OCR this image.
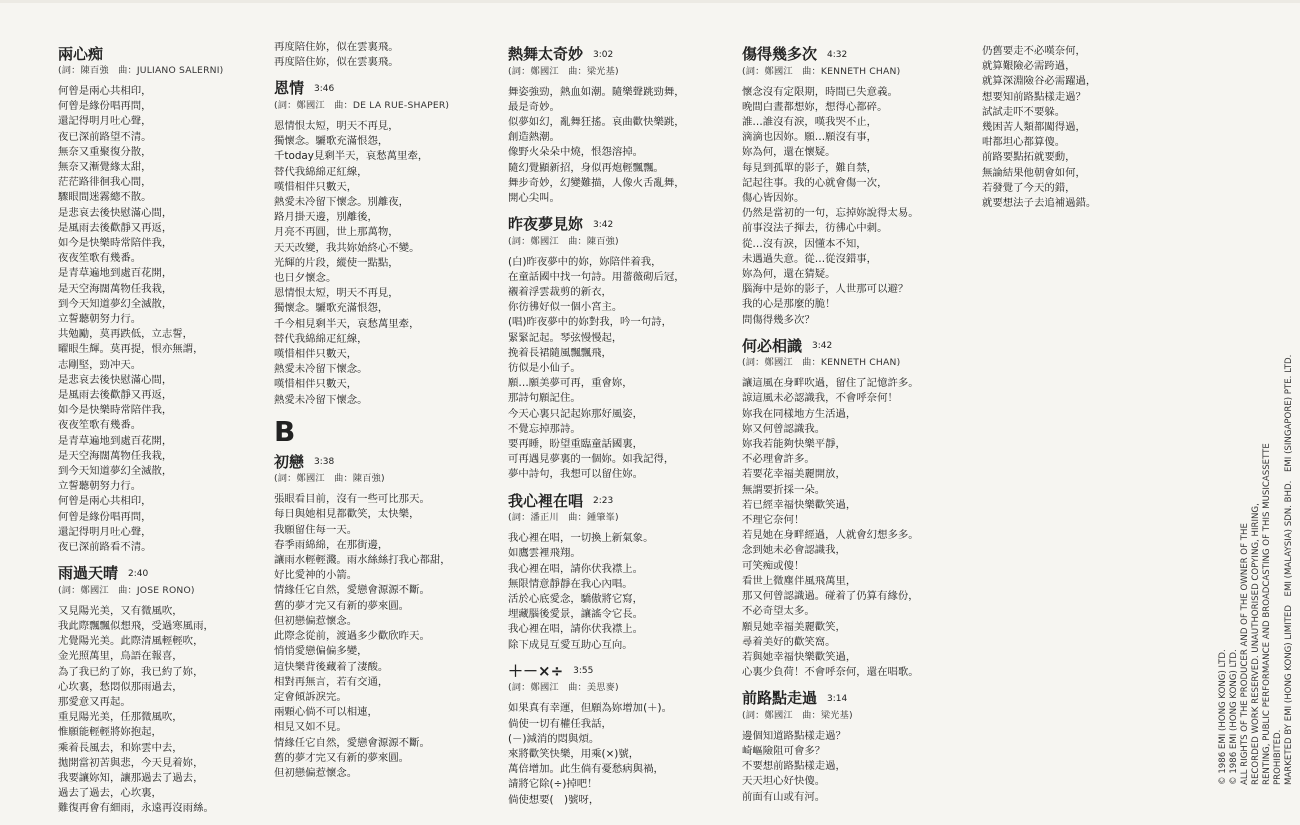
兩心痴
(詞：陳百強　曲：JULIANO SALERNI)
何曾是兩心共相印，
何曾是緣份唱再問，
還記得明月吐心聲，
夜已深前路望不清。
無奈又重聚復分散，
無奈又漸覺緣太甜，
茫茫路徘徊我心間，
驟眼間迷霧總不散。
是悲哀去後快慰滿心間，
是風雨去後歡靜又再返，
如今是快樂時常陪伴我，
夜夜笙歌有幾番。
是青草遍地到處百花開，
是天空海闊萬物任我栽，
到今天知道夢幻全滅散，
立誓聽朝努力行。
共勉勵，莫再跌低，立志誓，
曜眼生輝。莫再提，恨亦無謂，
志剛堅，勁冲天。
是悲哀去後快慰滿心間，
是風雨去後歡靜又再返，
如今是快樂時常陪伴我，
夜夜笙歌有幾番。
是青草遍地到處百花開，
是天空海闊萬物任我栽，
到今天知道夢幻全滅散，
立誓聽朝努力行。
何曾是兩心共相印，
何曾是緣份唱再問，
還記得明月吐心聲，
夜已深前路看不清。
雨過天晴 2:40
(詞：鄭國江　曲：JOSE RONO)
又見陽光美，又有微風吹，
我此際飄飄似想飛，受過寒風雨，
尤覺陽光美。此際清風輕輕吹，
金光照萬里，鳥語在報喜，
為了我已約了妳，我已約了妳，
心坎裏，愁悶似那雨過去，
那愛意又再起。
重見陽光美，任那微風吹，
惟願能輕輕將妳抱起，
乘着長風去，和妳雲中去，
拋開當初苦與悲，今天見着妳，
我要讓妳知，讓那過去了過去，
過去了過去，心坎裏，
難復再會有細雨，永遠再沒雨絲。
再度陪住妳，似在雲裏飛。
再度陪住妳，似在雲裏飛。
恩情 3:46
(詞：鄭國江　曲：DE LA RUE-SHAPER)
恩情恨太短，明天不再見，
獨懷念。驪歌充滿恨怨，
千today見剩半天，哀愁萬里牽，
替代我綿綿疋紅線，
嘆惜相伴只數天，
熱愛未冷留下懷念。別離夜，
路月掛天邊，別離後，
月亮不再圓，世上那萬物，
天天改變，我共妳始終心不變。
光輝的片段，縱使一點點，
也日夕懷念。
恩情恨太短，明天不再見，
獨懷念。驪歌充滿恨怨，
千今相見剩半天，哀愁萬里牽，
替代我綿綿疋紅線，
嘆惜相伴只數天，
熱愛未冷留下懷念。
嘆惜相伴只數天，
熱愛未冷留下懷念。
B
初戀 3:38
(詞：鄭國江　曲：陳百強)
張眼看目前，沒有一些可比那天。
每日與她相見都歡笑，太快樂，
我願留住每一天。
春季雨綿綿，在那街邊，
讓雨水輕輕濺。雨水絲絲打我心都甜，
好比愛神的小箭。
情緣任它自然，愛戀會源源不斷。
舊的夢才完又有新的夢來圓。
但初戀偏惹懷念。
此際念從前，渡過多少歡欣昨天。
悄悄愛戀偏偏多變，
這快樂背後藏着了淒酸。
相對再無言，若有交通，
定會傾訴淚完。
兩顆心倘不可以相連，
相見又如不見。
情緣任它自然，愛戀會源源不斷。
舊的夢才完又有新的夢來圓。
但初戀偏惹懷念。
熱舞太奇妙 3:02
(詞：鄭國江　曲：梁光基)
舞姿強勁，熱血如潮。隨樂聲跳勁舞，
最是奇妙。
似夢如幻，亂舞狂搖。哀曲歡快樂跳，
創造熱潮。
像野火朵朵中燒，恨怨溶掉。
隨幻覺顯新招，身似再炮輕飄飄。
舞步奇妙，幻變難描，人像火舌亂舞，
開心尖叫。
昨夜夢見妳 3:42
(詞：鄭國江　曲：陳百強)
(白)昨夜夢中的妳，妳陪伴着我，
在童話國中找一句詩。用薔薇砌后冠，
襯着浮雲裁剪的新衣，
你彷彿好似一個小宮主。
(唱)昨夜夢中的妳對我，吟一句詩，
緊緊記起。琴弦慢慢起，
挽着長裙隨風飄飄飛，
彷似是小仙子。
願…願美夢可再，重會妳，
那詩句願記住。
今天心裏只記起妳那好風姿，
不覺忘掉那詩。
要再睡，盼望重臨童話國裏，
可再遇見夢裏的一個妳。如我記得，
夢中詩句，我想可以留住妳。
我心裡在唱 2:23
(詞：潘正川　曲：鍾肇峯)
我心裡在唱，一切換上新氣象。
如鷹雲裡飛翔。
我心裡在唱，請你伏我襟上。
無限情意靜靜在我心內唱。
活於心底愛念，驕傲將它寫，
埋藏腦後愛景，讓謠令它長。
我心裡在唱，請你伏我襟上。
除下成見互愛互助心互向。
＋－×÷ 3:55
(詞：鄭國江　曲：美思麥)
如果真有幸運，但願為妳增加(＋)。
倘使一切有權任我話，
(－)減消的悶與煩。
來將歡笑快樂，用乘(×)號，
萬倍增加。此生倘有憂愁病與禍，
請將它除(÷)掉吧！
倘使想要(　)號呀，
傷得幾多次 4:32
(詞：鄭國江　曲：KENNETH CHAN)
懷念沒有定限期，時間已失意義。
晚間白晝都想妳，想得心都碎。
誰…誰沒有淚，嘆我哭不止，
滴滴也因妳。願…願沒有事，
妳為何，還在懷疑。
每見到孤單的影子，難自禁，
記起往事。我的心就會傷一次，
傷心皆因妳。
仍然是當初的一句，忘掉妳說得太易。
前事沒法子揮去，彷彿心中刺。
從…沒有淚，因懂本不知，
未遇過失意。從…從沒錯事，
妳為何，還在猜疑。
腦海中是妳的影子，人世那可以避？
我的心是那麼的脆！
問傷得幾多次？
何必相識 3:42
(詞：鄭國江　曲：KENNETH CHAN)
讓這風在身畔吹過，留住了記憶許多。
諒這風未必認識我，不會呼奈何！
妳我在同樣地方生活過，
妳又何曾認識我。
妳我若能夠快樂平靜，
不必理會許多。
若要花幸福美麗開放，
無謂要折採一朵。
若已經幸福快樂歡笑過，
不理它奈何！
若見她在身畔經過，人就會幻想多多。
念到她未必會認識我，
可笑痴或傻！
看世上微塵伴風飛萬里，
那又何曾認識過。碰着了仍算有緣份，
不必奇望太多。
願見她幸福美麗歡笑，
尋着美好的歡笑窩。
若與她幸福快樂歡笑過，
心裏少負荷！不會呼奈何，還在唱歌。
前路點走過 3:14
(詞：鄭國江　曲：梁光基)
邊個知道路點樣走過？
崎嶇險阻可會多？
不要想前路點樣走過，
天天坦心好快傻。
前面有山或有河。
仍舊要走不必嘆奈何，
就算艱險必需跨過，
就算深淵險谷必需躍過，
想要知前路點樣走過？
試試走吓不要躲。
幾困苦人類都闖得過，
咁都坦心都算傻。
前路要點拓就要動，
無論結果他朝會如何，
若發覺了今天的錯，
就要想法子去追補過錯。
© 1986 EMI (HONG KONG) LTD. © 1986 EMI (HONG KONG) LTD. ALL RIGHTS OF THE PRODUCER AND OF THE OWNER OF THE RECORDED WORK RESERVED. UNAUTHORISED COPYING, HIRING, RENTING, PUBLIC PERFORMANCE AND BROADCASTING OF THIS MUSICASSETTE PROHIBITED. MARKETED BY EMI (HONG KONG) LIMITED　EMI (MALAYSIA) SDN. BHD.　EMI (SINGAPORE) PTE. LTD.
